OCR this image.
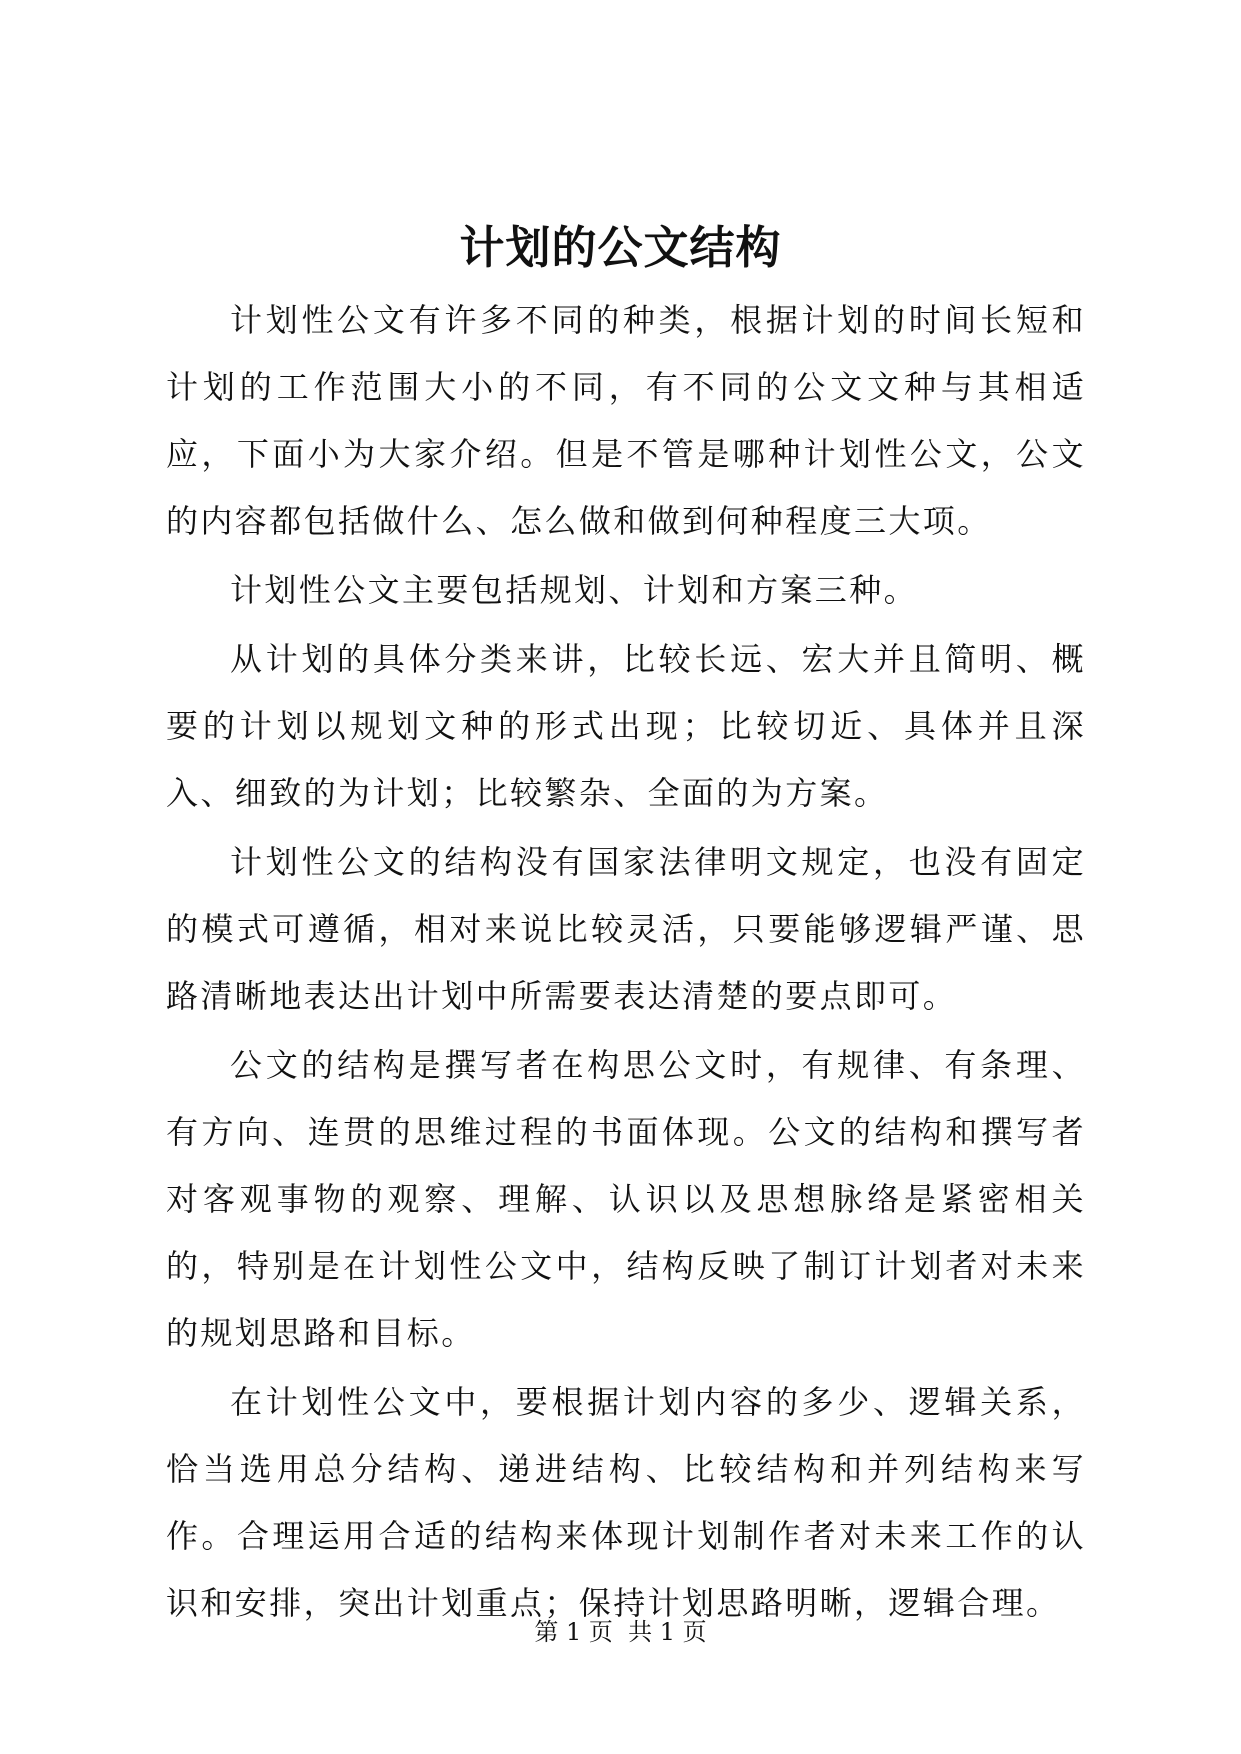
计划的公文结构

计划性公文有许多不同的种类，根据计划的时间长短和计划的工作范围大小的不同，有不同的公文文种与其相适应，下面小为大家介绍。但是不管是哪种计划性公文，公文的内容都包括做什么、怎么做和做到何种程度三大项。

计划性公文主要包括规划、计划和方案三种。

从计划的具体分类来讲，比较长远、宏大并且简明、概要的计划以规划文种的形式出现；比较切近、具体并且深入、细致的为计划；比较繁杂、全面的为方案。

计划性公文的结构没有国家法律明文规定，也没有固定的模式可遵循，相对来说比较灵活，只要能够逻辑严谨、思路清晰地表达出计划中所需要表达清楚的要点即可。

公文的结构是撰写者在构思公文时，有规律、有条理、有方向、连贯的思维过程的书面体现。公文的结构和撰写者对客观事物的观察、理解、认识以及思想脉络是紧密相关的，特别是在计划性公文中，结构反映了制订计划者对未来的规划思路和目标。

在计划性公文中，要根据计划内容的多少、逻辑关系，恰当选用总分结构、递进结构、比较结构和并列结构来写作。合理运用合适的结构来体现计划制作者对未来工作的认识和安排，突出计划重点；保持计划思路明晰，逻辑合理。

第 1 页  共 1 页
